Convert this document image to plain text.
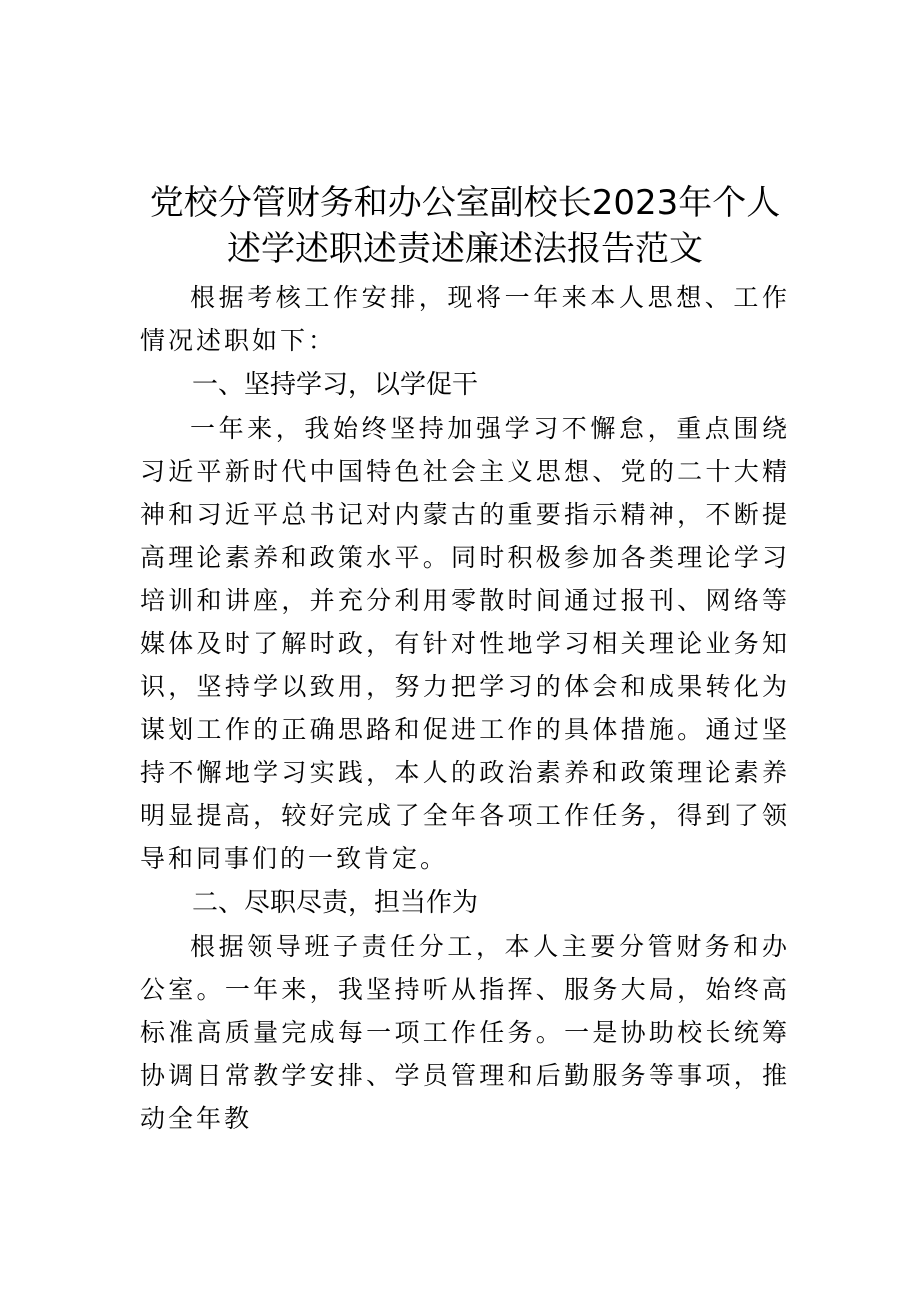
党校分管财务和办公室副校长2023年个人
述学述职述责述廉述法报告范文

根据考核工作安排，现将一年来本人思想、工作情况述职如下：

一、坚持学习，以学促干

一年来，我始终坚持加强学习不懈怠，重点围绕习近平新时代中国特色社会主义思想、党的二十大精神和习近平总书记对内蒙古的重要指示精神，不断提高理论素养和政策水平。同时积极参加各类理论学习培训和讲座，并充分利用零散时间通过报刊、网络等媒体及时了解时政，有针对性地学习相关理论业务知识，坚持学以致用，努力把学习的体会和成果转化为谋划工作的正确思路和促进工作的具体措施。通过坚持不懈地学习实践，本人的政治素养和政策理论素养明显提高，较好完成了全年各项工作任务，得到了领导和同事们的一致肯定。

二、尽职尽责，担当作为

根据领导班子责任分工，本人主要分管财务和办公室。一年来，我坚持听从指挥、服务大局，始终高标准高质量完成每一项工作任务。一是协助校长统筹协调日常教学安排、学员管理和后勤服务等事项，推动全年教
